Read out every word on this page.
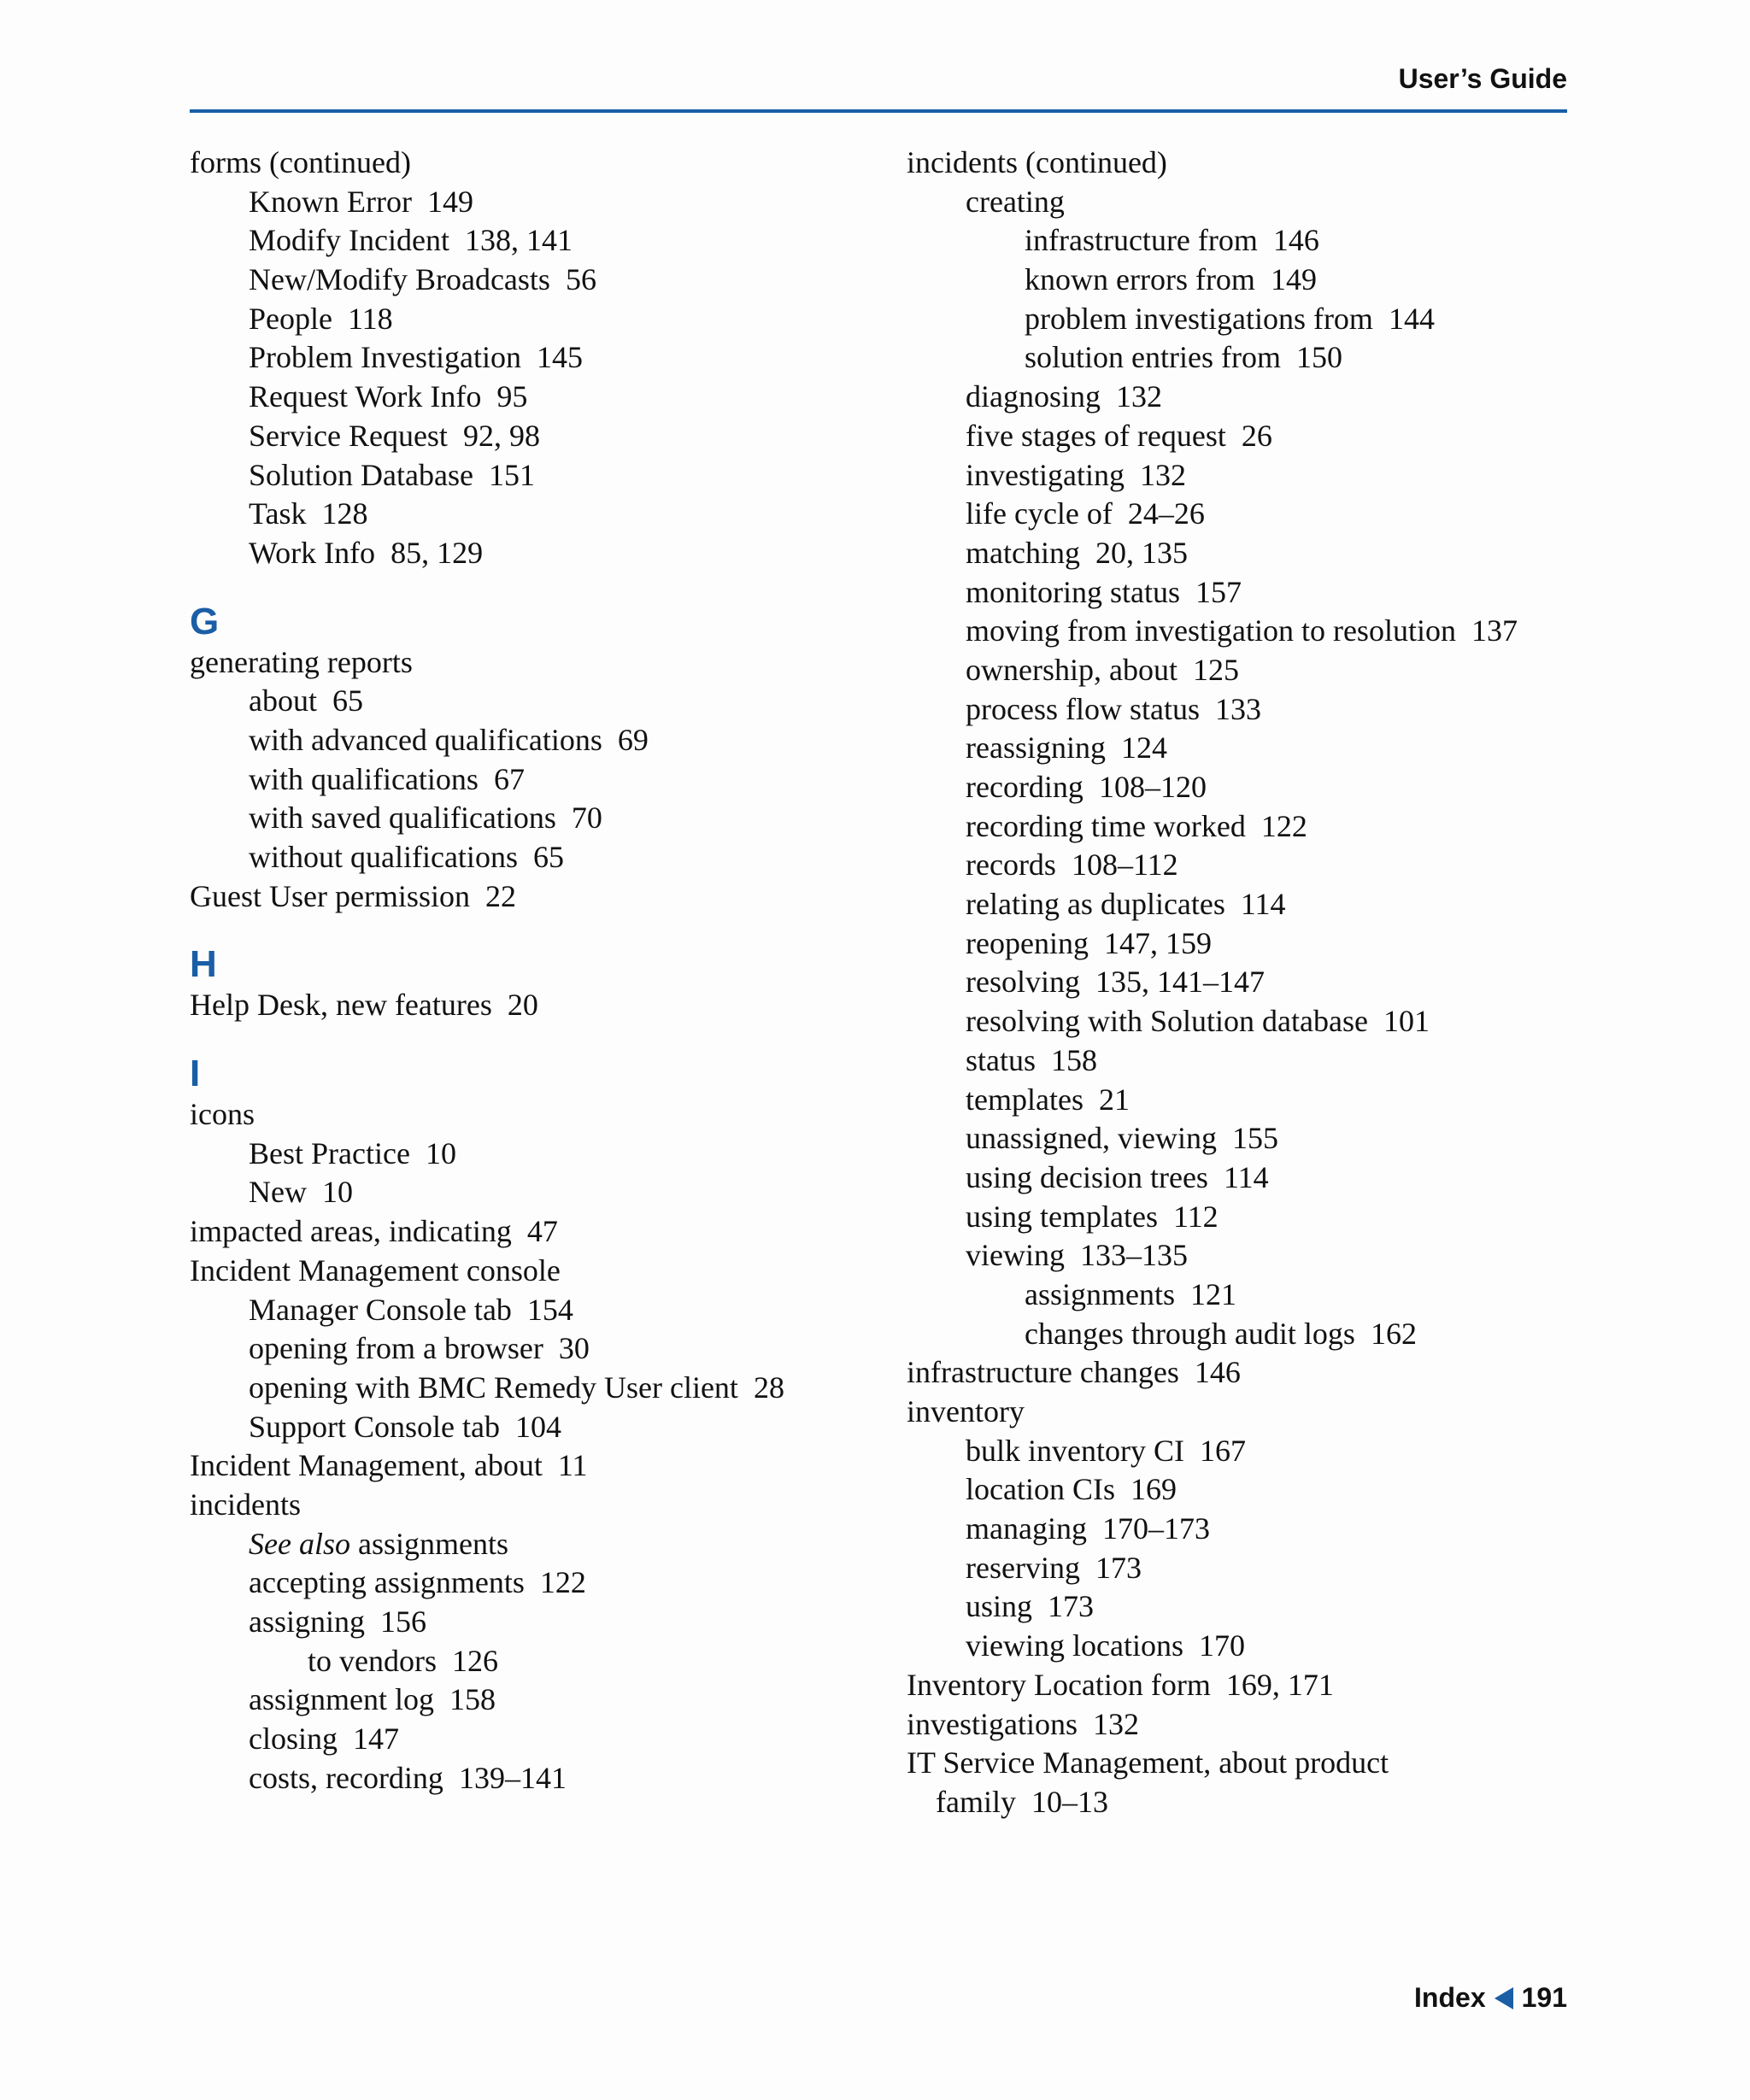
User’s Guide
forms (continued)
Known Error 149
Modify Incident 138, 141
New/Modify Broadcasts 56
People 118
Problem Investigation 145
Request Work Info 95
Service Request 92, 98
Solution Database 151
Task 128
Work Info 85, 129
G
generating reports
about 65
with advanced qualifications 69
with qualifications 67
with saved qualifications 70
without qualifications 65
Guest User permission 22
H
Help Desk, new features 20
I
icons
Best Practice 10
New 10
impacted areas, indicating 47
Incident Management console
Manager Console tab 154
opening from a browser 30
opening with BMC Remedy User client 28
Support Console tab 104
Incident Management, about 11
incidents
See also assignments
accepting assignments 122
assigning 156
to vendors 126
assignment log 158
closing 147
costs, recording 139–141
incidents (continued)
creating
infrastructure from 146
known errors from 149
problem investigations from 144
solution entries from 150
diagnosing 132
five stages of request 26
investigating 132
life cycle of 24–26
matching 20, 135
monitoring status 157
moving from investigation to resolution 137
ownership, about 125
process flow status 133
reassigning 124
recording 108–120
recording time worked 122
records 108–112
relating as duplicates 114
reopening 147, 159
resolving 135, 141–147
resolving with Solution database 101
status 158
templates 21
unassigned, viewing 155
using decision trees 114
using templates 112
viewing 133–135
assignments 121
changes through audit logs 162
infrastructure changes 146
inventory
bulk inventory CI 167
location CIs 169
managing 170–173
reserving 173
using 173
viewing locations 170
Inventory Location form 169, 171
investigations 132
IT Service Management, about product
family 10–13
Index 191
